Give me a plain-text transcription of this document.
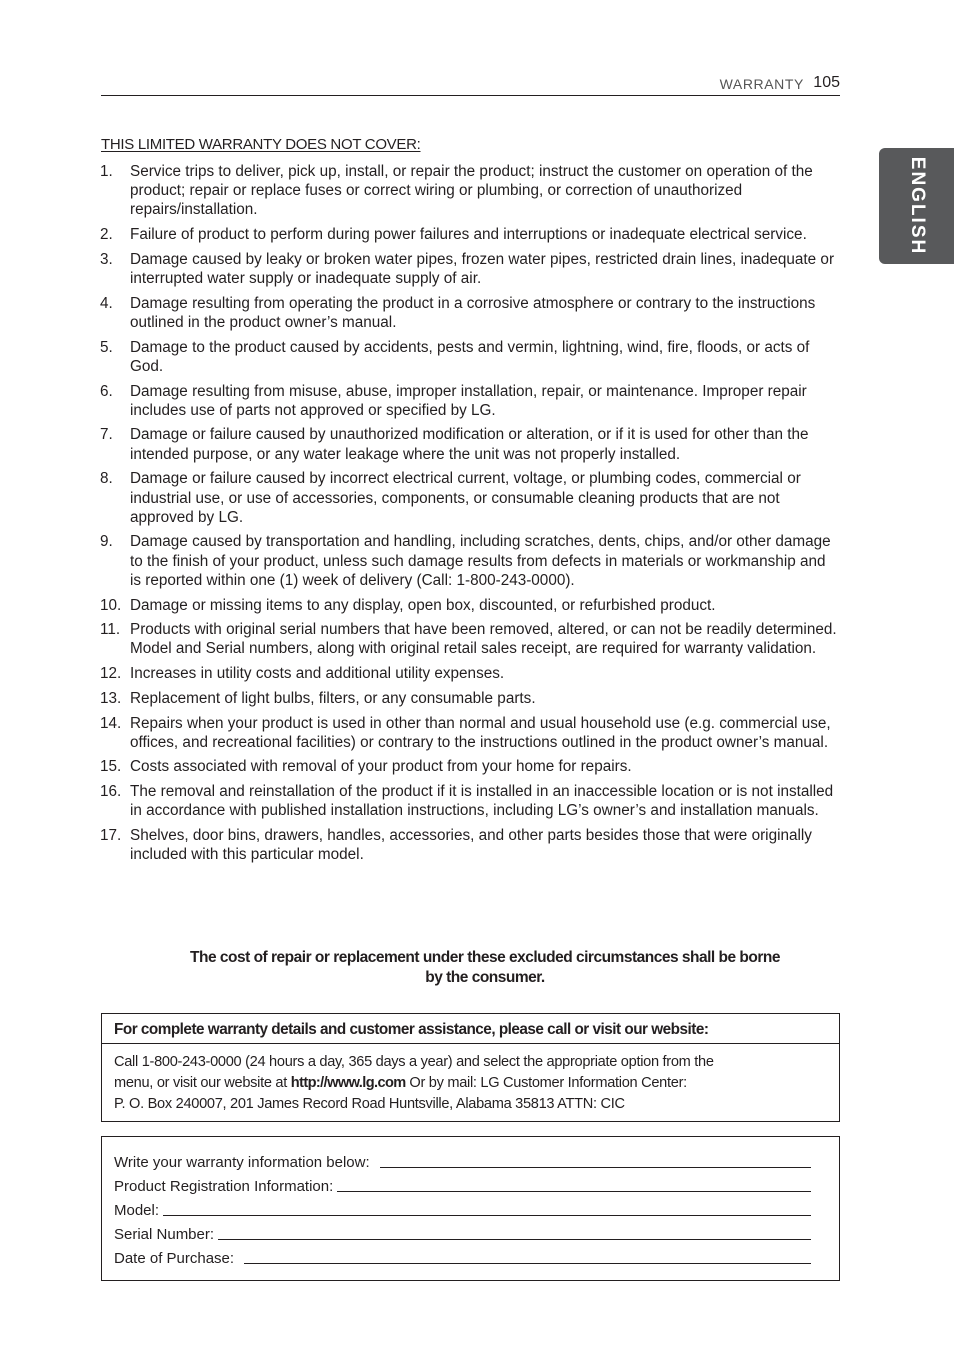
WARRANTY 105
ENGLISH
THIS LIMITED WARRANTY DOES NOT COVER:
1. Service trips to deliver, pick up, install, or repair the product; instruct the customer on operation of the product; repair or replace fuses or correct wiring or plumbing, or correction of unauthorized repairs/installation.
2. Failure of product to perform during power failures and interruptions or inadequate electrical service.
3. Damage caused by leaky or broken water pipes, frozen water pipes, restricted drain lines, inadequate or interrupted water supply or inadequate supply of air.
4. Damage resulting from operating the product in a corrosive atmosphere or contrary to the instructions outlined in the product owner’s manual.
5. Damage to the product caused by accidents, pests and vermin, lightning, wind, fire, floods, or acts of God.
6. Damage resulting from misuse, abuse, improper installation, repair, or maintenance. Improper repair includes use of parts not approved or specified by LG.
7. Damage or failure caused by unauthorized modification or alteration, or if it is used for other than the intended purpose, or any water leakage where the unit was not properly installed.
8. Damage or failure caused by incorrect electrical current, voltage, or plumbing codes, commercial or industrial use, or use of accessories, components, or consumable cleaning products that are not approved by LG.
9. Damage caused by transportation and handling, including scratches, dents, chips, and/or other damage to the finish of your product, unless such damage results from defects in materials or workmanship and is reported within one (1) week of delivery (Call: 1-800-243-0000).
10. Damage or missing items to any display, open box, discounted, or refurbished product.
11. Products with original serial numbers that have been removed, altered, or can not be readily determined. Model and Serial numbers, along with original retail sales receipt, are required for warranty validation.
12. Increases in utility costs and additional utility expenses.
13. Replacement of light bulbs, filters, or any consumable parts.
14. Repairs when your product is used in other than normal and usual household use (e.g. commercial use, offices, and recreational facilities) or contrary to the instructions outlined in the product owner’s manual.
15. Costs associated with removal of your product from your home for repairs.
16. The removal and reinstallation of the product if it is installed in an inaccessible location or is not installed in accordance with published installation instructions, including LG’s owner’s and installation manuals.
17. Shelves, door bins, drawers, handles, accessories, and other parts besides those that were originally included with this particular model.
The cost of repair or replacement under these excluded circumstances shall be borne
by the consumer.
For complete warranty details and customer assistance, please call or visit our website:
Call 1-800-243-0000 (24 hours a day, 365 days a year) and select the appropriate option from the
menu, or visit our website at http://www.lg.com Or by mail: LG Customer Information Center:
P. O. Box 240007, 201 James Record Road Huntsville, Alabama 35813 ATTN: CIC
Write your warranty information below:
Product Registration Information:
Model:
Serial Number:
Date of Purchase:
